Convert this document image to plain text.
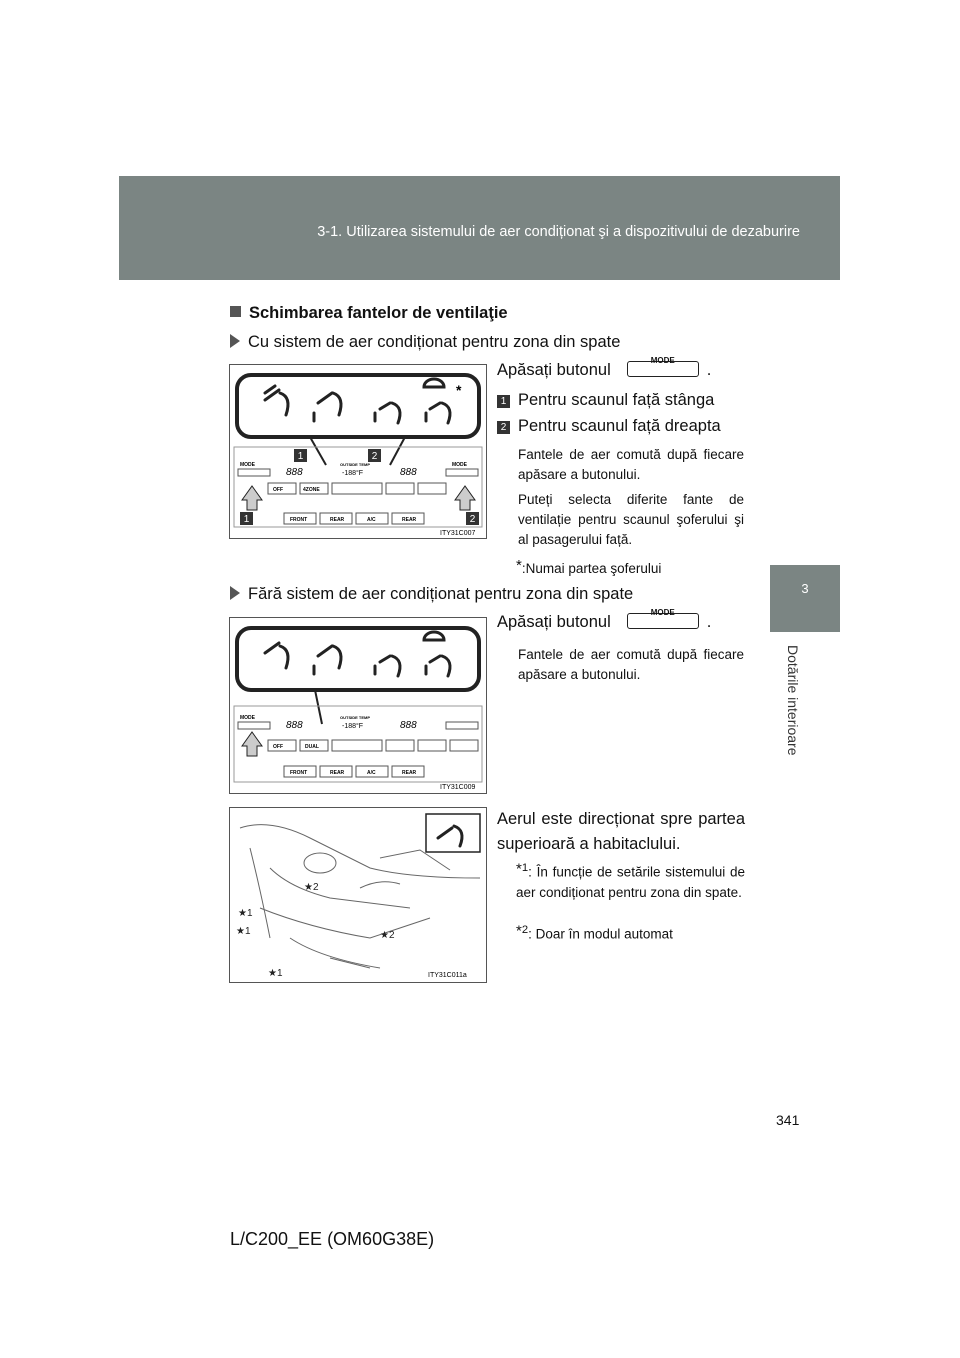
3-1. Utilizarea sistemului de aer condiționat şi a dispozitivului de dezaburire
3
Dotările interioare
Schimbarea fantelor de ventilaţie
Cu sistem de aer condiționat pentru zona din spate
*
1	2
MODE	MODE
888
OUTSIDE TEMP
-188°F	888
OFF	4ZONE
FRONT	REAR	A/C	REAR
1	2
ITY31C007
Apăsați butonul
MODE
.
1 Pentru scaunul față stânga
2 Pentru scaunul față dreapta
Fantele de aer comută după fiecare apăsare a butonului.
Puteți selecta diferite fante de ventilație pentru scaunul şoferului şi al pasagerului față.
*:Numai partea şoferului
Fără sistem de aer condiționat pentru zona din spate
MODE
888
OUTSIDE TEMP
-188°F	888
OFF	DUAL
FRONT	REAR	A/C	REAR
ITY31C009
Apăsați butonul
MODE
.
Fantele de aer comută după fiecare apăsare a butonului.
★2
★1
★1	★2
★1	ITY31C011a
Aerul este direcționat spre partea superioară a habitaclului.
*$^1$: În funcție de setările sistemului de aer condiționat pentru zona din spate.
*$^2$: Doar în modul automat
341
L/C200_EE (OM60G38E)
